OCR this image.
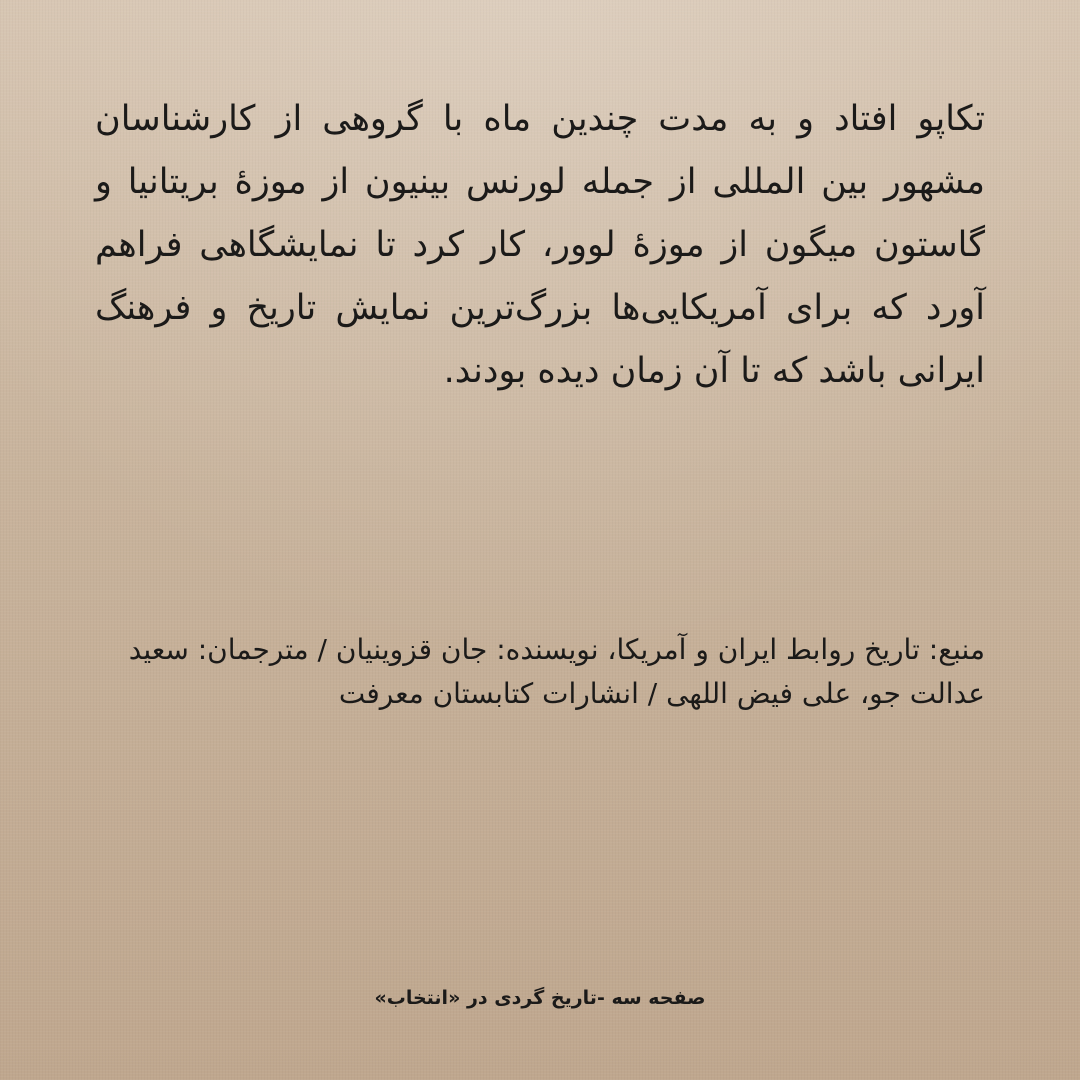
تکاپو افتاد و به مدت چندین ماه با گروهی از کارشناسان مشهور بین المللی از جمله لورنس بینیون از موزهٔ بریتانیا و گاستون میگون از موزهٔ لوور، کار کرد تا نمایشگاهی فراهم آورد که برای آمریکایی‌ها بزرگ‌ترین نمایش تاریخ و فرهنگ ایرانی باشد که تا آن زمان دیده بودند.

منبع: تاریخ روابط ایران و آمریکا، نویسنده: جان قزوینیان / مترجمان: سعید عدالت جو، علی فیض اللهی / انشارات کتابستان معرفت

صفحه سه -تاریخ گردی در «انتخاب»
